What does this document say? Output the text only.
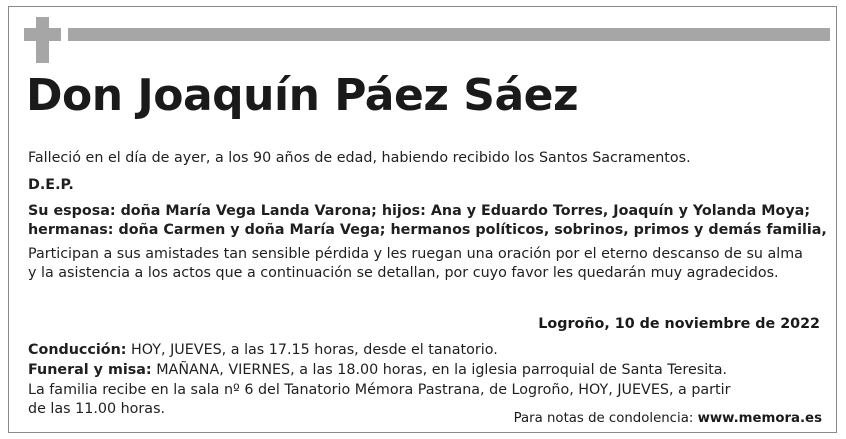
Don Joaquín Páez Sáez
Falleció en el día de ayer, a los 90 años de edad, habiendo recibido los Santos Sacramentos.
D.E.P.
Su esposa: doña María Vega Landa Varona; hijos: Ana y Eduardo Torres, Joaquín y Yolanda Moya;
hermanas: doña Carmen y doña María Vega; hermanos políticos, sobrinos, primos y demás familia,
Participan a sus amistades tan sensible pérdida y les ruegan una oración por el eterno descanso de su alma
y la asistencia a los actos que a continuación se detallan, por cuyo favor les quedarán muy agradecidos.
Logroño, 10 de noviembre de 2022
Conducción: HOY, JUEVES, a las 17.15 horas, desde el tanatorio.
Funeral y misa: MAÑANA, VIERNES, a las 18.00 horas, en la iglesia parroquial de Santa Teresita.
La familia recibe en la sala nº 6 del Tanatorio Mémora Pastrana, de Logroño, HOY, JUEVES, a partir
de las 11.00 horas.
Para notas de condolencia: www.memora.es
